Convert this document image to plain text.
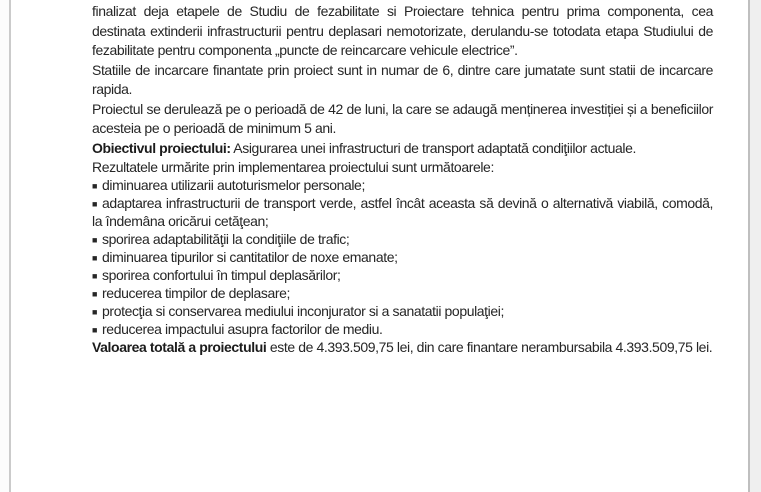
finalizat deja etapele de Studiu de fezabilitate si Proiectare tehnica pentru prima componenta, cea destinata extinderii infrastructurii pentru deplasari nemotorizate, derulandu-se totodata etapa Studiului de fezabilitate pentru componenta „puncte de reincarcare vehicule electrice”.

Statiile de incarcare finantate prin proiect sunt in numar de 6, dintre care jumatate sunt statii de incarcare rapida.

Proiectul se derulează pe o perioadă de 42 de luni, la care se adaugă menținerea investiției și a beneficiilor acesteia pe o perioadă de minimum 5 ani.

Obiectivul proiectului: Asigurarea unei infrastructuri de transport adaptată condiţiilor actuale.

Rezultatele urmărite prin implementarea proiectului sunt următoarele:

■ diminuarea utilizarii autoturismelor personale;

■ adaptarea infrastructurii de transport verde, astfel încât aceasta să devină o alternativă viabilă, comodă, la îndemâna oricărui cetăţean;

■ sporirea adaptabilităţii la condiţiile de trafic;

■ diminuarea tipurilor si cantitatilor de noxe emanate;

■ sporirea confortului în timpul deplasărilor;

■ reducerea timpilor de deplasare;

■ protecţia si conservarea mediului inconjurator si a sanatatii populaţiei;

■ reducerea impactului asupra factorilor de mediu.

Valoarea totală a proiectului este de 4.393.509,75 lei, din care finantare nerambursabila 4.393.509,75 lei.
